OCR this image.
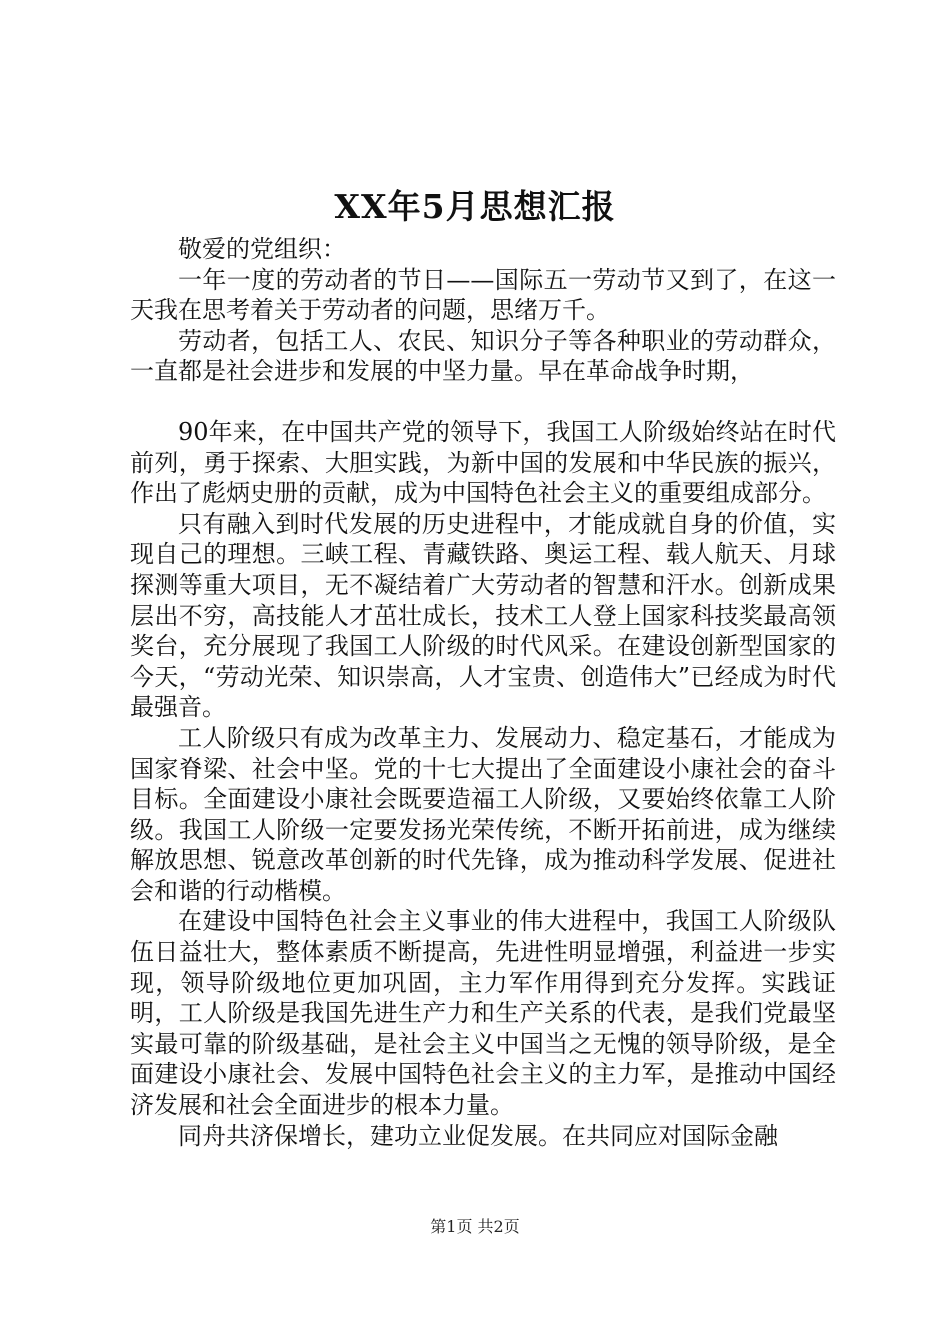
XX年5月思想汇报

敬爱的党组织：

一年一度的劳动者的节日——国际五一劳动节又到了，在这一天我在思考着关于劳动者的问题，思绪万千。

劳动者，包括工人、农民、知识分子等各种职业的劳动群众，一直都是社会进步和发展的中坚力量。早在革命战争时期，

90年来，在中国共产党的领导下，我国工人阶级始终站在时代前列，勇于探索、大胆实践，为新中国的发展和中华民族的振兴，作出了彪炳史册的贡献，成为中国特色社会主义的重要组成部分。

只有融入到时代发展的历史进程中，才能成就自身的价值，实现自己的理想。三峡工程、青藏铁路、奥运工程、载人航天、月球探测等重大项目，无不凝结着广大劳动者的智慧和汗水。创新成果层出不穷，高技能人才茁壮成长，技术工人登上国家科技奖最高领奖台，充分展现了我国工人阶级的时代风采。在建设创新型国家的今天，“劳动光荣、知识崇高，人才宝贵、创造伟大”已经成为时代最强音。

工人阶级只有成为改革主力、发展动力、稳定基石，才能成为国家脊梁、社会中坚。党的十七大提出了全面建设小康社会的奋斗目标。全面建设小康社会既要造福工人阶级，又要始终依靠工人阶级。我国工人阶级一定要发扬光荣传统，不断开拓前进，成为继续解放思想、锐意改革创新的时代先锋，成为推动科学发展、促进社会和谐的行动楷模。

在建设中国特色社会主义事业的伟大进程中，我国工人阶级队伍日益壮大，整体素质不断提高，先进性明显增强，利益进一步实现，领导阶级地位更加巩固，主力军作用得到充分发挥。实践证明，工人阶级是我国先进生产力和生产关系的代表，是我们党最坚实最可靠的阶级基础，是社会主义中国当之无愧的领导阶级，是全面建设小康社会、发展中国特色社会主义的主力军，是推动中国经济发展和社会全面进步的根本力量。

同舟共济保增长，建功立业促发展。在共同应对国际金融

第1页 共2页
